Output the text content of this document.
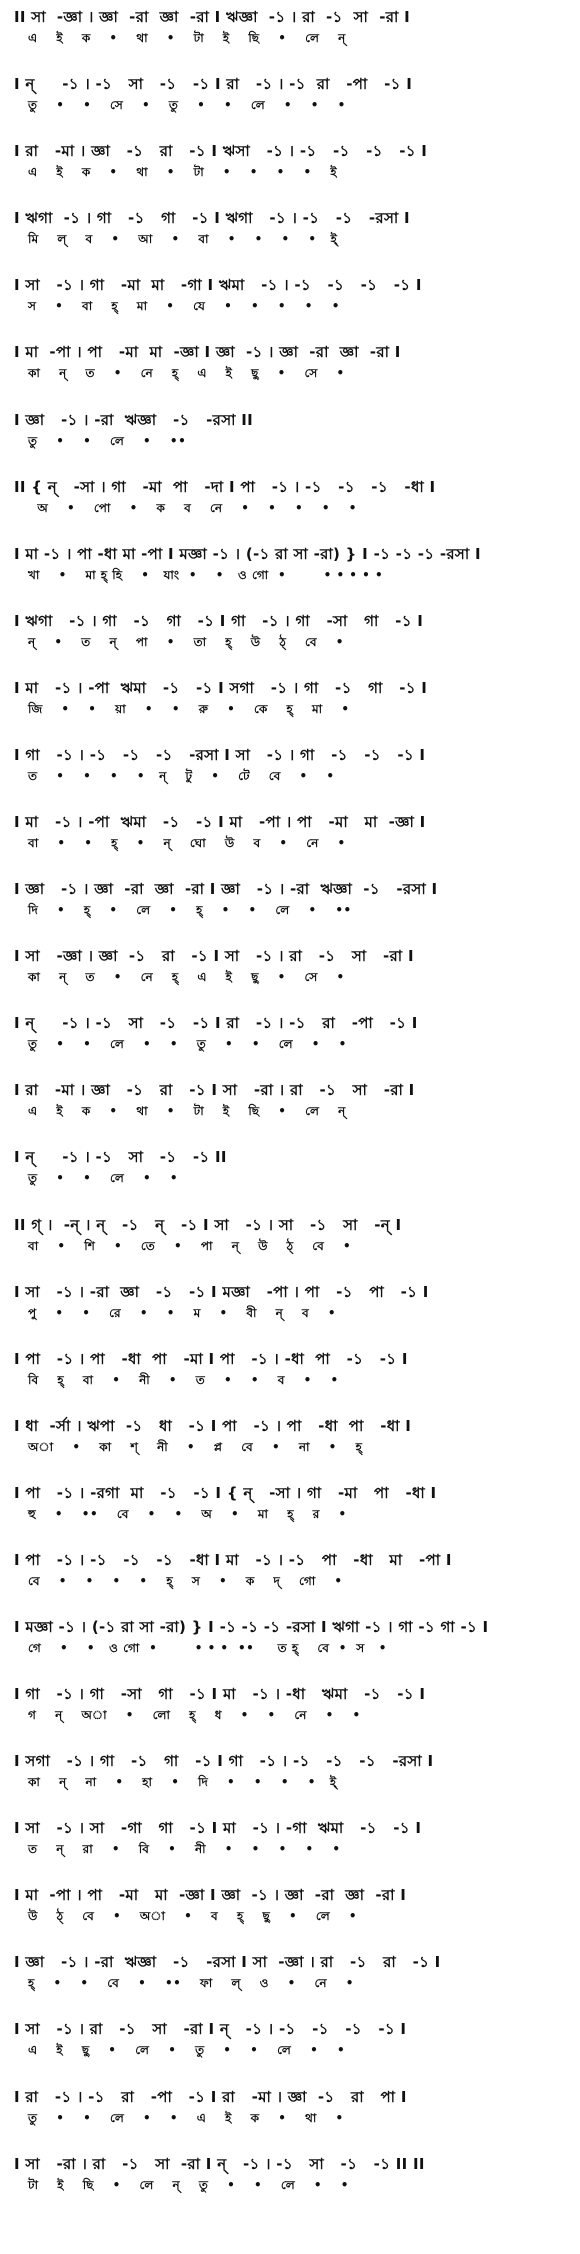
II সা  -জ্ঞা । জ্ঞা  -রা  জ্ঞা  -রা I ঋজ্ঞা  -১ । রা  -১  সা  -রা I
এ    ই    ক    •    থা    •    টা    ই    ছি    •    লে    ন্
I ন্     -১ । -১   সা   -১   -১ I রা   -১ । -১  রা   -পা   -১ I
তু    •    •    সে    •    তু    •    •    লে    •    •    •
I রা   -মা । জ্ঞা   -১   রা   -১ I ঋসা   -১ । -১   -১   -১   -১ I
এ    ই    ক    •    থা    •    টা    •    •    •    •    ই
I ঋগা  -১ । গা   -১   গা   -১ I ঋগা   -১ । -১   -১   -রসা I
মি    ল্    ব    •    আ    •    বা    •    •    •    •   ই্
I সা   -১ । গা   -মা  মা   -গা I ঋমা   -১ । -১   -১   -১   -১ I
স    •    বা    হ্    মা    •    যে    •    •    •    •    •
I মা  -পা । পা   -মা  মা  -জ্ঞা I জ্ঞা  -১ । জ্ঞা  -রা  জ্ঞা  -রা I
কা    ন্    ত    •    নে    হ্    এ    ই    ছু    •    সে    •
I জ্ঞা   -১ । -রা  ঋজ্ঞা   -১   -রসা II
তু    •    •    লে    •    ••
II { ন্   -সা । গা   -মা  পা   -দা I পা   -১ । -১   -১   -১   -ধা I
অ    •    পো    •    ক    ব    নে    •    •    •    •    •
I মা -১ । পা -ধা মা -পা I মজ্ঞা -১ । (-১ রা সা -রা) } I -১ -১ -১ -রসা I
খা    •    মা হ্ হি    •   যাং  •    •   ও গো  •        • • • • •
I ঋগা   -১ । গা   -১   গা   -১ I গা   -১ । গা   -সা   গা   -১ I
ন্    •    ত    ন্    পা    •    তা    হ্    উ    ঠ্    বে    •
I মা   -১ । -পা  ঋমা   -১   -১ I সগা   -১ । গা   -১   গা   -১ I
জি    •    •    য়া    •    •    রু    •    কে    হ্    মা    •
I গা   -১ । -১   -১   -১   -রসা I সা   -১ । গা   -১   -১   -১ I
ত    •    •    •    •   ন্    টু    •    টে    বে    •    •
I মা   -১ । -পা  ঋমা   -১   -১ I মা   -পা । পা   -মা   মা  -জ্ঞা I
বা    •    •    হ্    •    ন্    ঘো    উ    ব    •    নে    •
I জ্ঞা   -১ । জ্ঞা  -রা  জ্ঞা  -রা I জ্ঞা   -১ । -রা  ঋজ্ঞা  -১   -রসা I
দি    •    হ্    •    লে    •    হ্    •    •    লে    •    ••
I সা   -জ্ঞা । জ্ঞা  -১   রা   -১ I সা   -১ । রা   -১   সা   -রা I
কা    ন্    ত    •    নে    হ্    এ    ই    ছু    •    সে    •
I ন্     -১ । -১   সা   -১   -১ I রা   -১ । -১   রা   -পা   -১ I
তু    •    •    লে    •    •    তু    •    •    লে    •    •
I রা   -মা । জ্ঞা   -১   রা   -১ I সা   -রা । রা   -১   সা   -রা I
এ    ই    ক    •    থা    •    টা    ই    ছি    •    লে    ন্
I ন্     -১ । -১   সা   -১   -১ II
তু    •    •    লে    •    •
II গ্ ।  -ন্ । ন্   -১   ন্   -১ I সা   -১ । সা   -১   সা   -ন্ I
বা    •    শি    •    তে    •    পা    ন্    উ    ঠ্    বে    •
I সা   -১ । -রা  জ্ঞা   -১   -১ I মজ্ঞা   -পা । পা   -১   পা   -১ I
পু    •    •    রে    •    •    ম    •    বী    ন্    ব    •
I পা   -১ । পা   -ধা  পা   -মা I পা   -১ । -ধা  পা   -১   -১ I
বি    হ্    বা    •    নী    •    ত    •    •    ব    •    •
I ধা  -র্সা । ঋপা  -১   ধা   -১ I পা   -১ । পা   -ধা  পা   -ধা I
অা    •    কা    শ্    নী    •    প্ল    বে    •    না    •    হ্
I পা   -১ । -রগা  মা   -১   -১ I { ন্   -সা । গা   -মা   পা   -ধা I
হু    •    ••    বে    •    •    অ    •    মা    হ্    র    •
I পা   -১ । -১   -১   -১   -ধা I মা   -১ । -১   পা   -ধা   মা   -পা I
বে    •    •    •    •    হ্    স    •    ক    দ্    গো    •
I মজ্ঞা -১ । (-১ রা সা -রা) } I -১ -১ -১ -রসা I ঋগা -১ । গা -১ গা -১ I
গে    •    •   ও গো  •        • • •  ••     ত হ্    বে  •  স   •
I গা   -১ । গা   -সা   গা   -১ I মা   -১ । -ধা   ঋমা   -১   -১ I
গ    ন্    অা    •    লো    হ্    ধ    •    •    নে    •    •
I সগা   -১ । গা   -১   গা   -১ I গা   -১ । -১   -১   -১   -রসা I
কা    ন্    না    •    হা    •    দি    •    •    •    •   ই্
I সা   -১ । সা   -গা   গা   -১ I মা   -১ । -গা  ঋমা   -১   -১ I
ত    ন্    রা    •    বি    •    নী    •    •    •    •    •
I মা  -পা । পা   -মা   মা  -জ্ঞা I জ্ঞা  -১ । জ্ঞা  -রা  জ্ঞা  -রা I
উ    ঠ্    বে    •    অা    •    ব    হ্    ছু    •    লে    •
I জ্ঞা   -১ । -রা  ঋজ্ঞা   -১   -রসা I সা  -জ্ঞা । রা   -১   রা   -১ I
হ্    •    •    বে    •    ••    ফা    ল্    ও    •    নে    •
I সা   -১ । রা   -১   সা   -রা I ন্   -১ । -১   -১   -১   -১ I
এ    ই    ছু    •    লে    •    তু    •    •    লে    •    •
I রা   -১ । -১   রা   -পা   -১ I রা   -মা । জ্ঞা  -১   রা   পা I
তু    •    •    লে    •    •    এ    ই    ক    •    থা    •
I সা   -রা । রা   -১   সা  -রা I ন্   -১ । -১   সা   -১   -১ II II
টা    ই    ছি    •    লে    ন্    তু    •    •    লে    •    •
